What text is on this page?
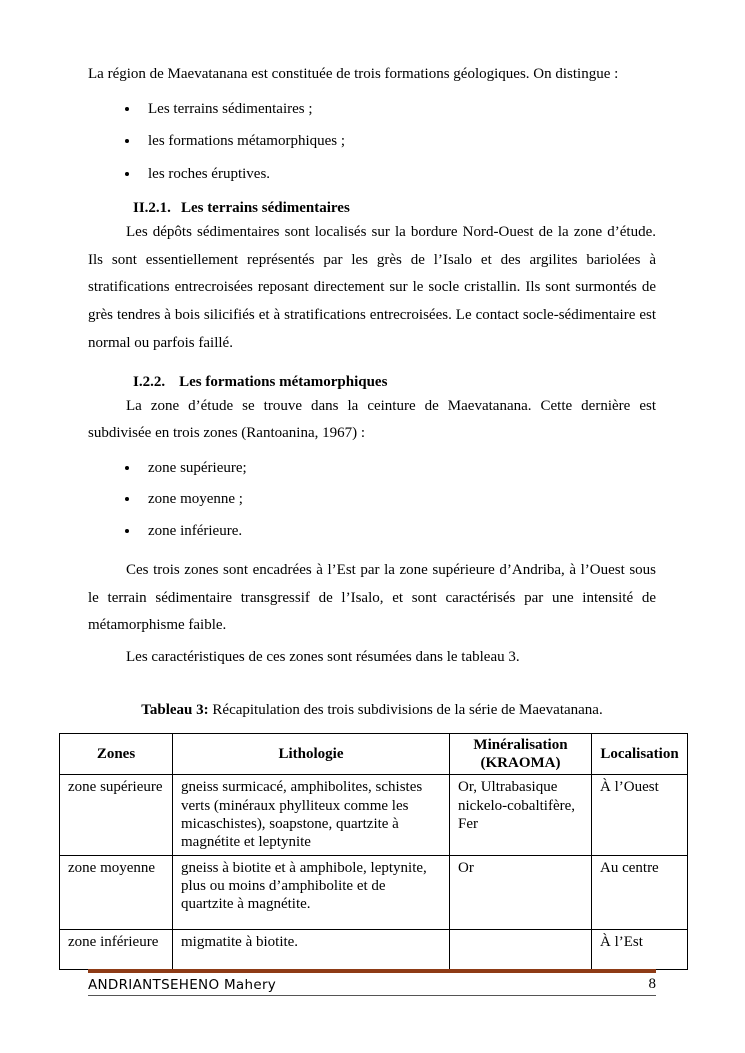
La région de Maevatanana est constituée de trois formations géologiques. On distingue :

• Les terrains sédimentaires ;
• les formations métamorphiques ;
• les roches éruptives.
II.2.1. Les terrains sédimentaires

Les dépôts sédimentaires sont localisés sur la bordure Nord-Ouest de la zone d’étude. Ils sont essentiellement représentés par les grès de l’Isalo et des argilites bariolées à stratifications entrecroisées reposant directement sur le socle cristallin. Ils sont surmontés de grès tendres à bois silicifiés et à stratifications entrecroisées. Le contact socle-sédimentaire est normal ou parfois faillé.

I.2.2. Les formations métamorphiques

La zone d’étude se trouve dans la ceinture de Maevatanana. Cette dernière est subdivisée en trois zones (Rantoanina, 1967) :

• zone supérieure;
• zone moyenne ;
• zone inférieure.

Ces trois zones sont encadrées à l’Est par la zone supérieure d’Andriba, à l’Ouest sous le terrain sédimentaire transgressif de l’Isalo, et sont caractérisés par une intensité de métamorphisme faible.

Les caractéristiques de ces zones sont résumées dans le tableau 3.

Tableau 3: Récapitulation des trois subdivisions de la série de Maevatanana.

Zones	Lithologie	Minéralisation (KRAOMA)	Localisation
zone supérieure	gneiss surmicacé, amphibolites, schistes verts (minéraux phylliteux comme les micaschistes), soapstone, quartzite à magnétite et leptynite	Or, Ultrabasique nickelo-cobaltifère, Fer	À l’Ouest
zone moyenne	gneiss à biotite et à amphibole, leptynite, plus ou moins d’amphibolite et de quartzite à magnétite.	Or	Au centre
zone inférieure	migmatite à biotite.		À l’Est
ANDRIANTSEHENO Mahery	8
